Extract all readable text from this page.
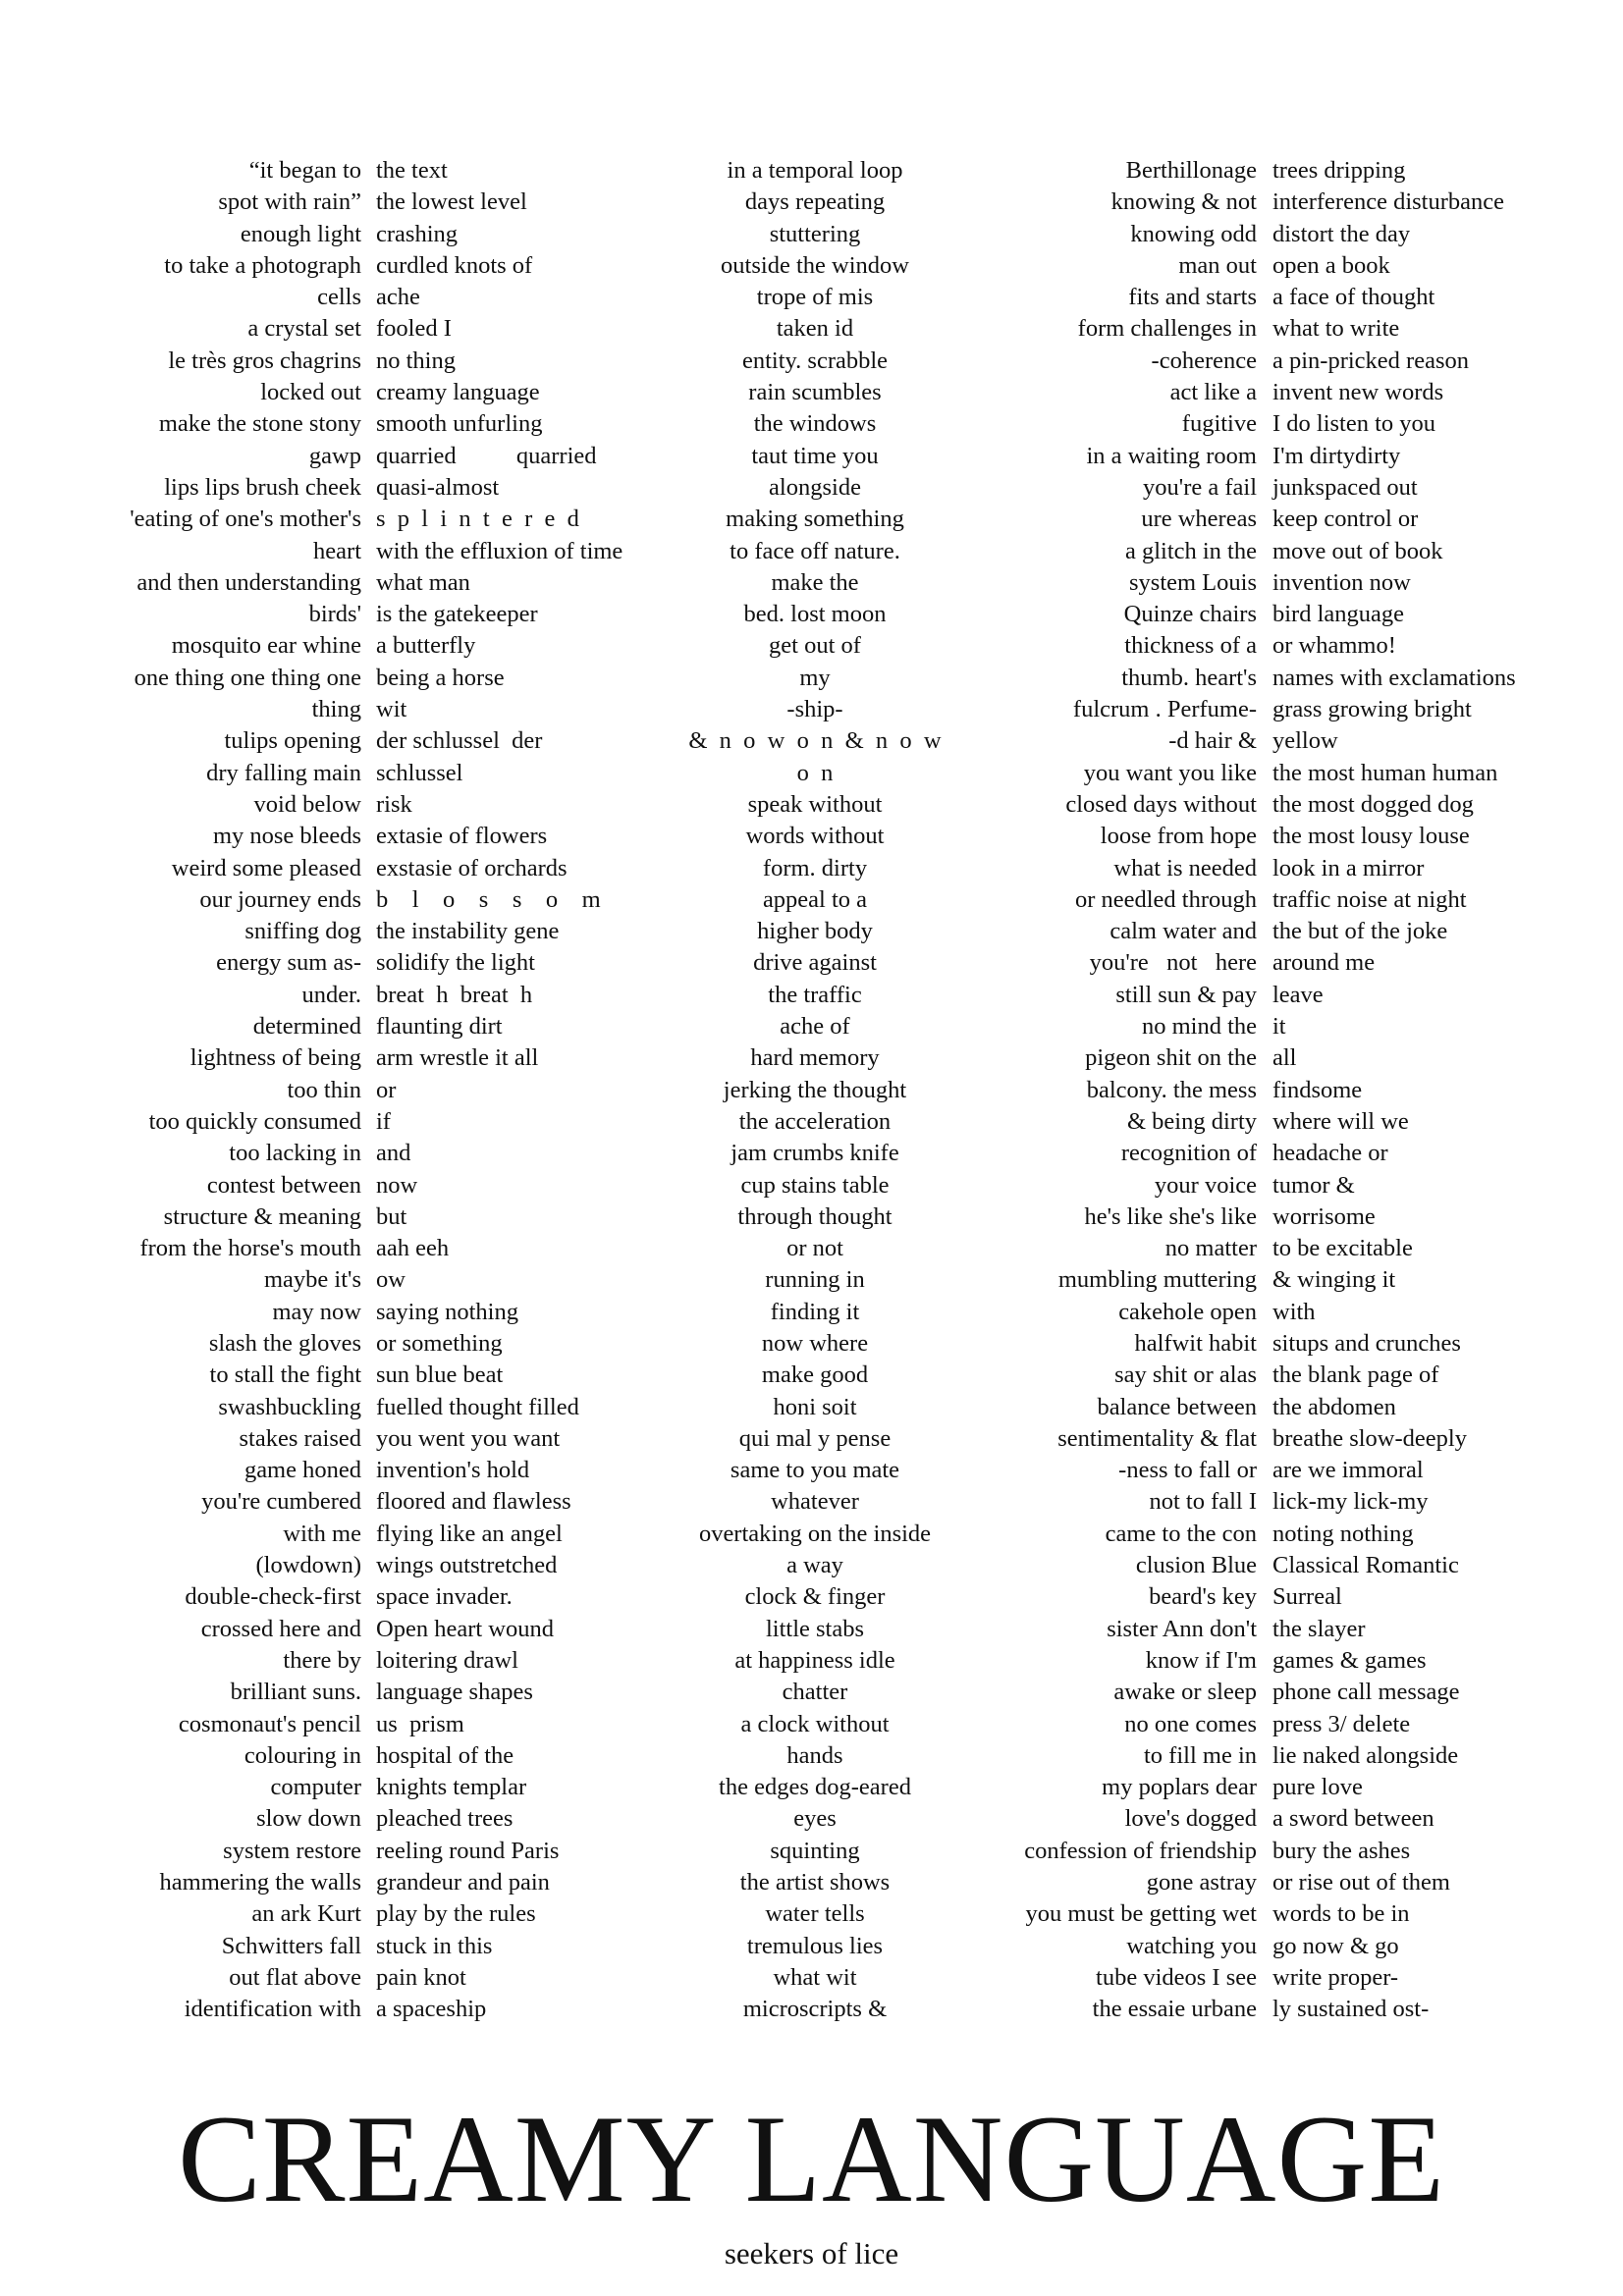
“it began to
spot with rain”
enough light
to take a photograph
cells
a crystal set
le très gros chagrins
locked out
make the stone stony
gawp
lips lips brush cheek
'eating of one's mother's
heart
and then understanding
birds'
mosquito ear whine
one thing one thing one
thing
tulips opening
dry falling main
void below
my nose bleeds
weird some pleased
our journey ends
sniffing dog
energy sum as-
under.
determined
lightness of being
too thin
too quickly consumed
too lacking in
contest between
structure & meaning
from the horse's mouth
maybe it's
may now
slash the gloves
to stall the fight
swashbuckling
stakes raised
game honed
you're cumbered
with me
(lowdown)
double-check-first
crossed here and
there by
brilliant suns.
cosmonaut's pencil
colouring in
computer
slow down
system restore
hammering the walls
an ark Kurt
Schwitters fall
out flat above
identification with
the text
the lowest level
crashing
curdled knots of
ache
fooled I
no thing
creamy language
smooth unfurling
quarried          quarried
quasi-almost
s  p  l  i  n  t  e  r  e  d
with the effluxion of time
what man
is the gatekeeper
a butterfly
being a horse
wit
der schlussel  der
schlussel
risk
extasie of flowers
exstasie of orchards
b    l    o    s    s    o    m
the instability gene
solidify the light
breat  h  breat  h
flaunting dirt
arm wrestle it all
or
if
and
now
but
aah eeh
ow
saying nothing
or something
sun blue beat
fuelled thought filled
you went you want
invention's hold
floored and flawless
flying like an angel
wings outstretched
space invader.
Open heart wound
loitering drawl
language shapes
us  prism
hospital of the
knights templar
pleached trees
reeling round Paris
grandeur and pain
play by the rules
stuck in this
pain knot
a spaceship
in a temporal loop
days repeating
stuttering
outside the window
trope of mis
taken id
entity. scrabble
rain scumbles
the windows
taut time you
alongside
making something
to face off nature.
make the
bed. lost moon
get out of
my
-ship-
&  n  o  w  o  n  &  n  o  w
o  n
speak without
words without
form. dirty
appeal to a
higher body
drive against
the traffic
ache of
hard memory
jerking the thought
the acceleration
jam crumbs knife
cup stains table
through thought
or not
running in
finding it
now where
make good
honi soit
qui mal y pense
same to you mate
whatever
overtaking on the inside
a way
clock & finger
little stabs
at happiness idle
chatter
a clock without
hands
the edges dog-eared
eyes
squinting
the artist shows
water tells
tremulous lies
what wit
microscripts &
Berthillonage
knowing & not
knowing odd
man out
fits and starts
form challenges in
-coherence
act like a
fugitive
in a waiting room
you're a fail
ure whereas
a glitch in the
system Louis
Quinze chairs
thickness of a
thumb. heart's
fulcrum . Perfume-
-d hair &
you want you like
closed days without
loose from hope
what is needed
or needled through
calm water and
you're   not   here
still sun & pay
no mind the
pigeon shit on the
balcony. the mess
& being dirty
recognition of
your voice
he's like she's like
no matter
mumbling muttering
cakehole open
halfwit habit
say shit or alas
balance between
sentimentality & flat
-ness to fall or
not to fall I
came to the con
clusion Blue
beard's key
sister Ann don't
know if I'm
awake or sleep
no one comes
to fill me in
my poplars dear
love's dogged
confession of friendship
gone astray
you must be getting wet
watching you
tube videos I see
the essaie urbane
trees dripping
interference disturbance
distort the day
open a book
a face of thought
what to write
a pin-pricked reason
invent new words
I do listen to you
I'm dirtydirty
junkspaced out
keep control or
move out of book
invention now
bird language
or whammo!
names with exclamations
grass growing bright
yellow
the most human human
the most dogged dog
the most lousy louse
look in a mirror
traffic noise at night
the but of the joke
around me
leave
it
all
findsome
where will we
headache or
tumor &
worrisome
to be excitable
& winging it
with
situps and crunches
the blank page of
the abdomen
breathe slow-deeply
are we immoral
lick-my lick-my
noting nothing
Classical Romantic
Surreal
the slayer
games & games
phone call message
press 3/ delete
lie naked alongside
pure love
a sword between
bury the ashes
or rise out of them
words to be in
go now & go
write proper-
ly sustained ost-
CREAMY LANGUAGE
seekers of lice
